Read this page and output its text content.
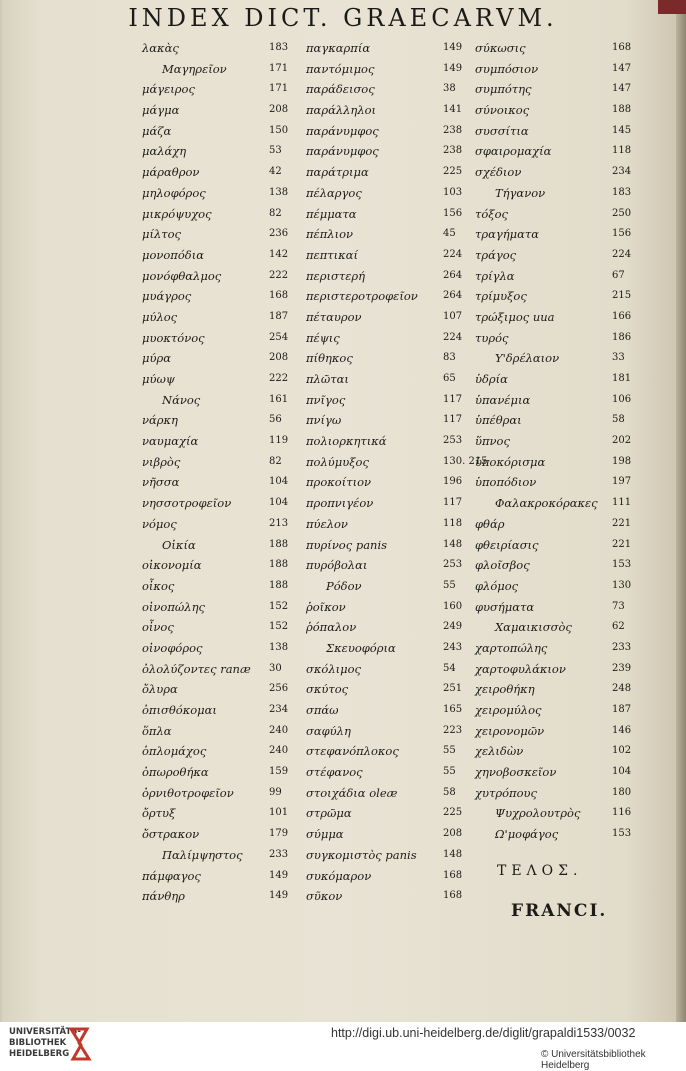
INDEX DICT. GRAECARVM.
λακὰς	183
Μαγηρεῖον	171
μάγειρος	171
μάγμα	208
μάζα	150
μαλάχη	53
μάραθρον	42
μηλοφόρος	138
μικρόψυχος	82
μίλτος	236
μονοπόδια	142
μονόφθαλμος	222
μυάγρος	168
μύλος	187
μυοκτόνος	254
μύρα	208
μύωψ	222
Νάνος	161
νάρκη	56
ναυμαχία	119
νιβρὸς	82
νῆσσα	104
νησσοτροφεῖον	104
νόμος	213
Οἰκία	188
οἰκονομία	188
οἶκος	188
οἰνοπώλης	152
οἶνος	152
οἰνοφόρος	138
ὀλολύζοντες ranæ 30
ὄλυρα	256
ὀπισθόκομαι	234
ὅπλα	240
ὁπλομάχος	240
ὀπωροθήκα	159
ὀρνιθοτροφεῖον	99
ὄρτυξ	101
ὄστρακον	179
Παλίμψηστος	233
πάμφαγος	149
πάνθηρ	149
παγκαρπία	149
παντόμιμος	149
παράδεισος	38
παράλληλοι	141
παράνυμφος	238
παράνυμφος	238
παράτριμα	225
πέλαργος	103
πέμματα	156
πέπλιον	45
πεπτικαί	224
περιστερή	264
περιστεροτροφεῖον	264
πέταυρον	107
πέψις	224
πίθηκος	83
πλῶται	65
πνῖγος	117
πνίγω	117
πολιορκητικά	253
πολύμυξος	130. 215
προκοίτιον	196
προπνιγέον	117
πύελον	118
πυρίνος panis	148
πυρόβολαι	253
Ρόδον	55
ῥοῖκον	160
ῥόπαλον	249
Σκευοφόρια	243
σκόλιμος	54
σκύτος	251
σπάω	165
σαφύλη	223
στεφανόπλοκος	55
στέφανος	55
στοιχάδια oleæ	58
στρῶμα	225
σύμμα	208
συγκομιστὸς panis	148
συκόμαρον	168
σῦκον	168
σύκωσις	168
συμπόσιον	147
συμπότης	147
σύνοικος	188
συσσίτια	145
σφαιρομαχία	118
σχέδιον	234
Τήγανον	183
τόξος	250
τραγήματα	156
τράγος	224
τρίγλα	67
τρίμυξος	215
τρώξιμος uua	166
τυρός	186
Υ'δρέλαιον	33
ὑδρία	181
ὑπανέμια	106
ὑπέθραι	58
ὕπνος	202
ὑποκόρισμα	198
ὑποπόδιον	197
Φαλακροκόρακες 111
φθάρ	221
φθειρίασις	221
φλοῖσβος	153
φλόμος	130
φυσήματα	73
Χαμαικισσὸς	62
χαρτοπώλης	233
χαρτοφυλάκιον	239
χειροθήκη	248
χειρομύλος	187
χειρονομῶν	146
χελιδὼν	102
χηνοβοσκεῖον	104
χυτρόπους	180
Ψυχρολουτρὸς	116
Ω'μοφάγος	153
ΤΕΛΟΣ.
FRANCI.
UNIVERSITÄTS-
BIBLIOTHEK
HEIDELBERG
http://digi.ub.uni-heidelberg.de/diglit/grapaldi1533/0032
© Universitätsbibliothek Heidelberg
